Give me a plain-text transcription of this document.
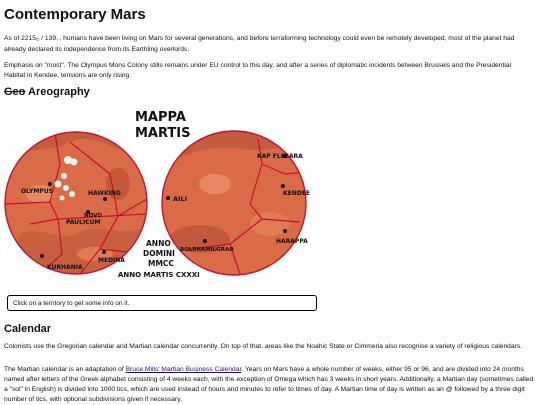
Contemporary Mars

As of $2215_© / 139_♂$, humans have been living on Mars for several generations, and before terraforming technology could even be remotely developed, most of the planet had already declared its independence from its Earthling overlords.

Emphasis on "most". The Olympus Mons Colony stills remains under EU control to this day, and after a series of diplomatic incidents between Brussels and the Presidential Habitat in Kendee, tensions are only rising.

Geo Areography
MAPPA
MARTIS
ANNO
DOMINI
MMCC
ANNO MARTIS CXXXI
OLYMPUS	HAWKING
NOVO
PAULICUM
MEDINA
KURHANIA
AILI
KAP FLEEARA
KENDEE
HARAPPA
BOLSHAMILGRAD
Click on a territory to get some info on it.
Calendar

Colonists use the Gregorian calendar and Martian calendar concurrently. On top of that, areas like the Noahic State or Cimmeria also recognise a variety of religious calendars.

The Martian calendar is an adaptation of Bruce Mills' Martian Business Calendar. Years on Mars have a whole number of weeks, either 95 or 96, and are divided into 24 months named after letters of the Greek alphabet consisting of 4 weeks each, with the exception of Omega which has 3 weeks in short years. Additionally, a Martian day (sometimes called a "sol" in English) is divided into 1000 tics, which are used instead of hours and minutes to refer to times of day. A Martian time of day is written as an @ followed by a three digit number of tics, with optional subdivisions given if necessary.
